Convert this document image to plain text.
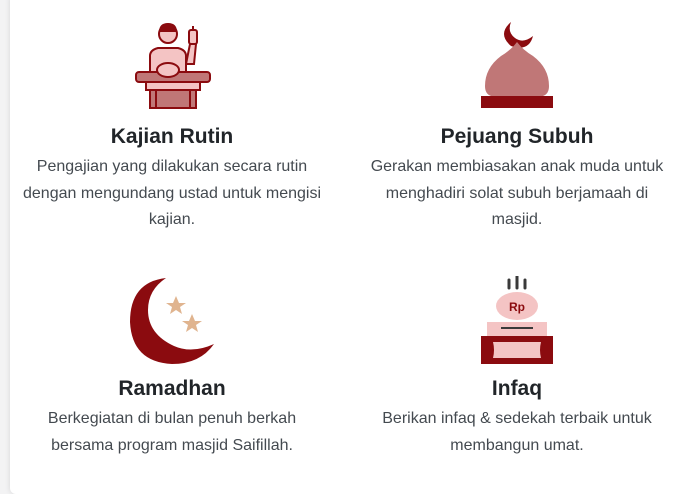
Kajian Rutin

Pengajian yang dilakukan secara rutin dengan mengundang ustad untuk mengisi kajian.

Pejuang Subuh

Gerakan membiasakan anak muda untuk menghadiri solat subuh berjamaah di masjid.

Ramadhan

Berkegiatan di bulan penuh berkah bersama program masjid Saifillah.

Rp
Infaq

Berikan infaq & sedekah terbaik untuk membangun umat.
